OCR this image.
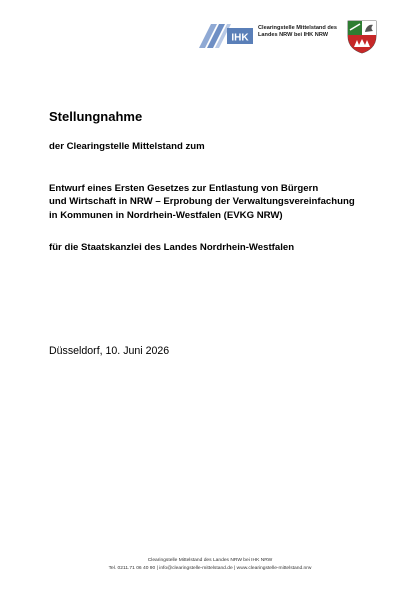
IHK
Clearingstelle Mittelstand des
Landes NRW bei IHK NRW
Stellungnahme
der Clearingstelle Mittelstand zum
Entwurf eines Ersten Gesetzes zur Entlastung von Bürgern
und Wirtschaft in NRW – Erprobung der Verwaltungsvereinfachung
in Kommunen in Nordrhein-Westfalen (EVKG NRW)
für die Staatskanzlei des Landes Nordrhein-Westfalen
Düsseldorf, 10. Juni 2026
Clearingstelle Mittelstand des Landes NRW bei IHK NRW
Tel. 0211.71 06 40 90 | info@clearingstelle-mittelstand.de | www.clearingstelle-mittelstand.nrw
